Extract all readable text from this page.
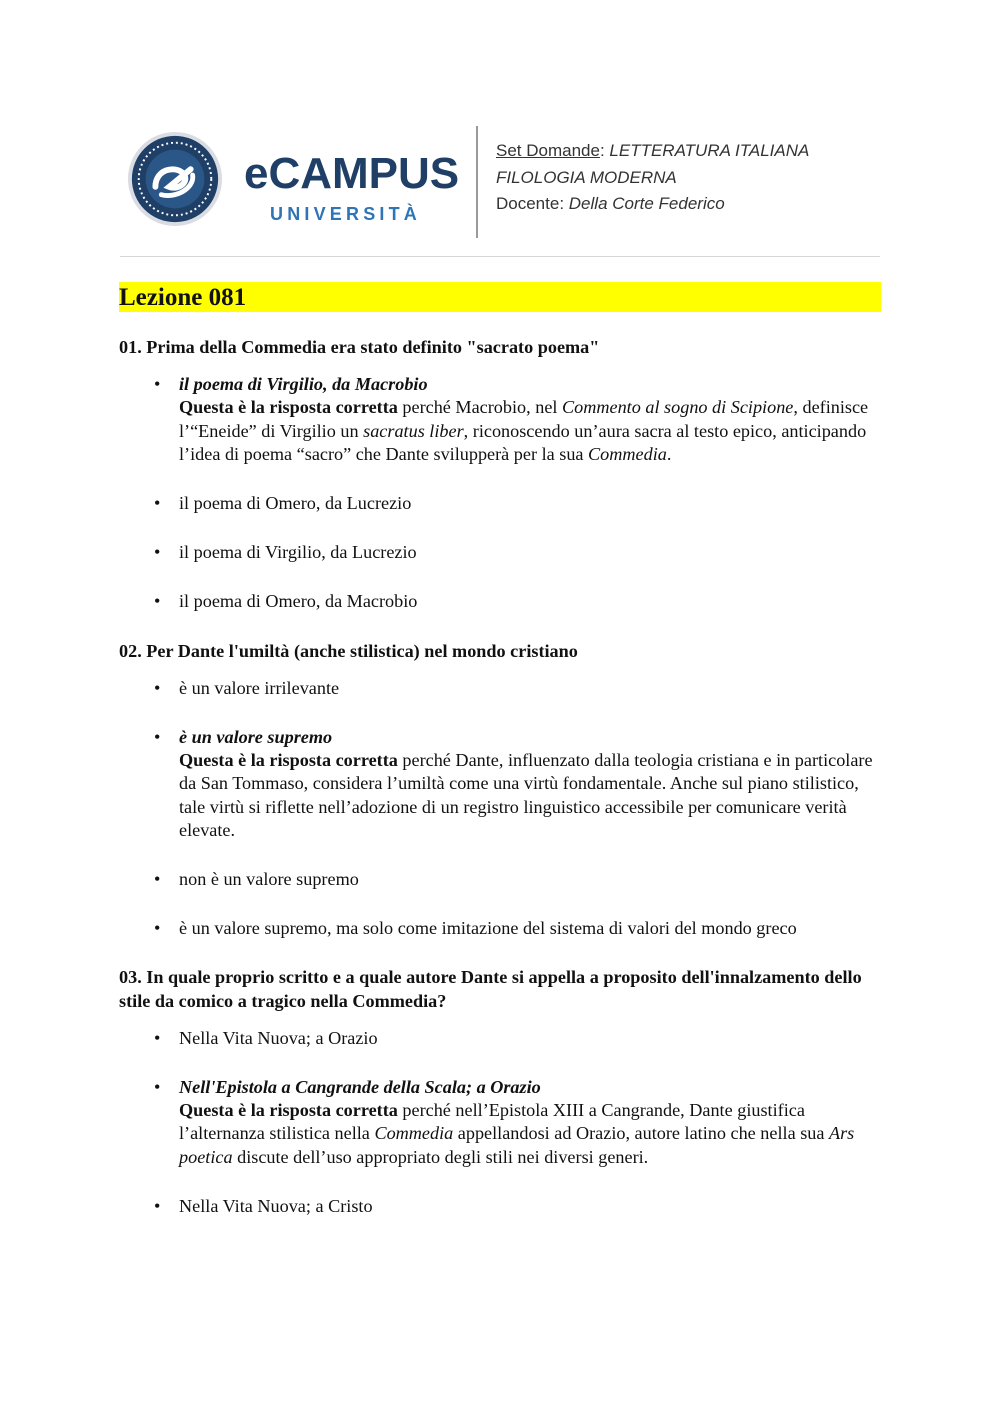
eCAMPUS
UNIVERSITÀ
Set Domande: LETTERATURA ITALIANA
FILOLOGIA MODERNA
Docente: Della Corte Federico
Lezione 081
01. Prima della Commedia era stato definito "sacrato poema"
• il poema di Virgilio, da Macrobio
Questa è la risposta corretta perché Macrobio, nel Commento al sogno di Scipione, definisce l’“Eneide” di Virgilio un sacratus liber, riconoscendo un’aura sacra al testo epico, anticipando l’idea di poema “sacro” che Dante svilupperà per la sua Commedia.
• il poema di Omero, da Lucrezio
• il poema di Virgilio, da Lucrezio
• il poema di Omero, da Macrobio
02. Per Dante l'umiltà (anche stilistica) nel mondo cristiano
• è un valore irrilevante
• è un valore supremo
Questa è la risposta corretta perché Dante, influenzato dalla teologia cristiana e in particolare da San Tommaso, considera l’umiltà come una virtù fondamentale. Anche sul piano stilistico, tale virtù si riflette nell’adozione di un registro linguistico accessibile per comunicare verità elevate.
• non è un valore supremo
• è un valore supremo, ma solo come imitazione del sistema di valori del mondo greco
03. In quale proprio scritto e a quale autore Dante si appella a proposito dell'innalzamento dello stile da comico a tragico nella Commedia?
• Nella Vita Nuova; a Orazio
• Nell'Epistola a Cangrande della Scala; a Orazio
Questa è la risposta corretta perché nell’Epistola XIII a Cangrande, Dante giustifica l’alternanza stilistica nella Commedia appellandosi ad Orazio, autore latino che nella sua Ars poetica discute dell’uso appropriato degli stili nei diversi generi.
• Nella Vita Nuova; a Cristo
